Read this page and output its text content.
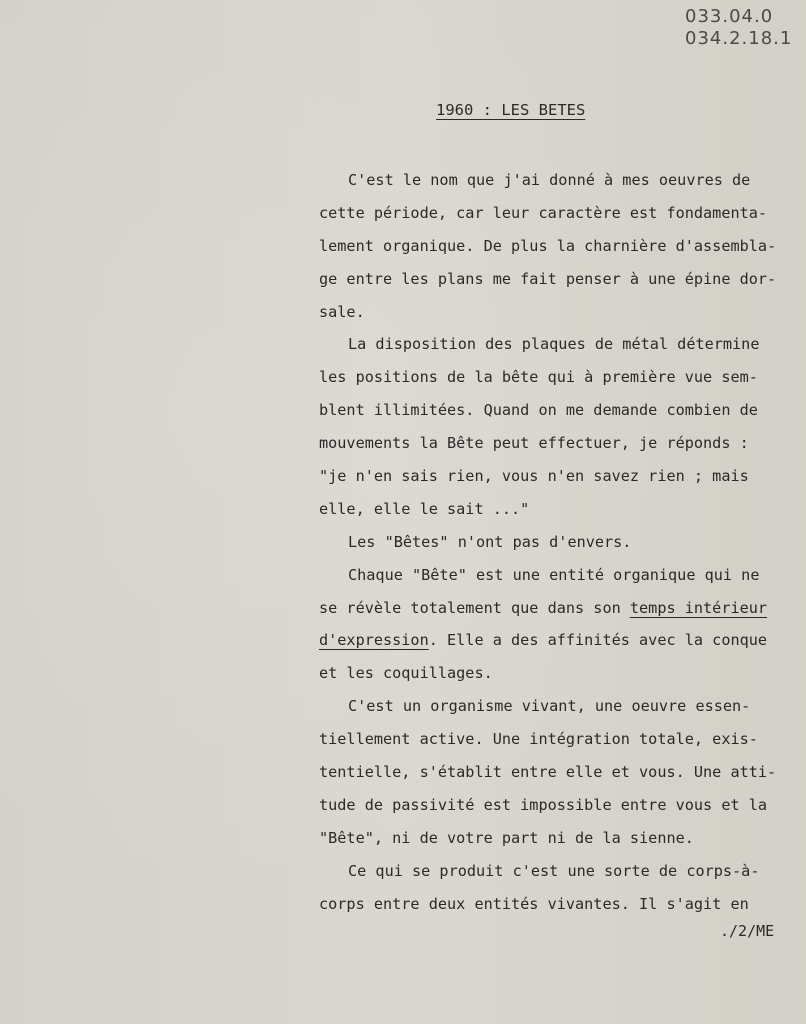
033.04.0
034.2.18.1
1960 : LES BETES
C'est le nom que j'ai donné à mes oeuvres de
cette période, car leur caractère est fondamenta-
lement organique. De plus la charnière d'assembla-
ge entre les plans me fait penser à une épine dor-
sale.
La disposition des plaques de métal détermine
les positions de la bête qui à première vue sem-
blent illimitées. Quand on me demande combien de
mouvements la Bête peut effectuer, je réponds :
"je n'en sais rien, vous n'en savez rien ; mais
elle, elle le sait ..."
Les "Bêtes" n'ont pas d'envers.
Chaque "Bête" est une entité organique qui ne
se révèle totalement que dans son temps intérieur
d'expression. Elle a des affinités avec la conque
et les coquillages.
C'est un organisme vivant, une oeuvre essen-
tiellement active. Une intégration totale, exis-
tentielle, s'établit entre elle et vous. Une atti-
tude de passivité est impossible entre vous et la
"Bête", ni de votre part ni de la sienne.
Ce qui se produit c'est une sorte de corps-à-
corps entre deux entités vivantes. Il s'agit en
./2/ME
